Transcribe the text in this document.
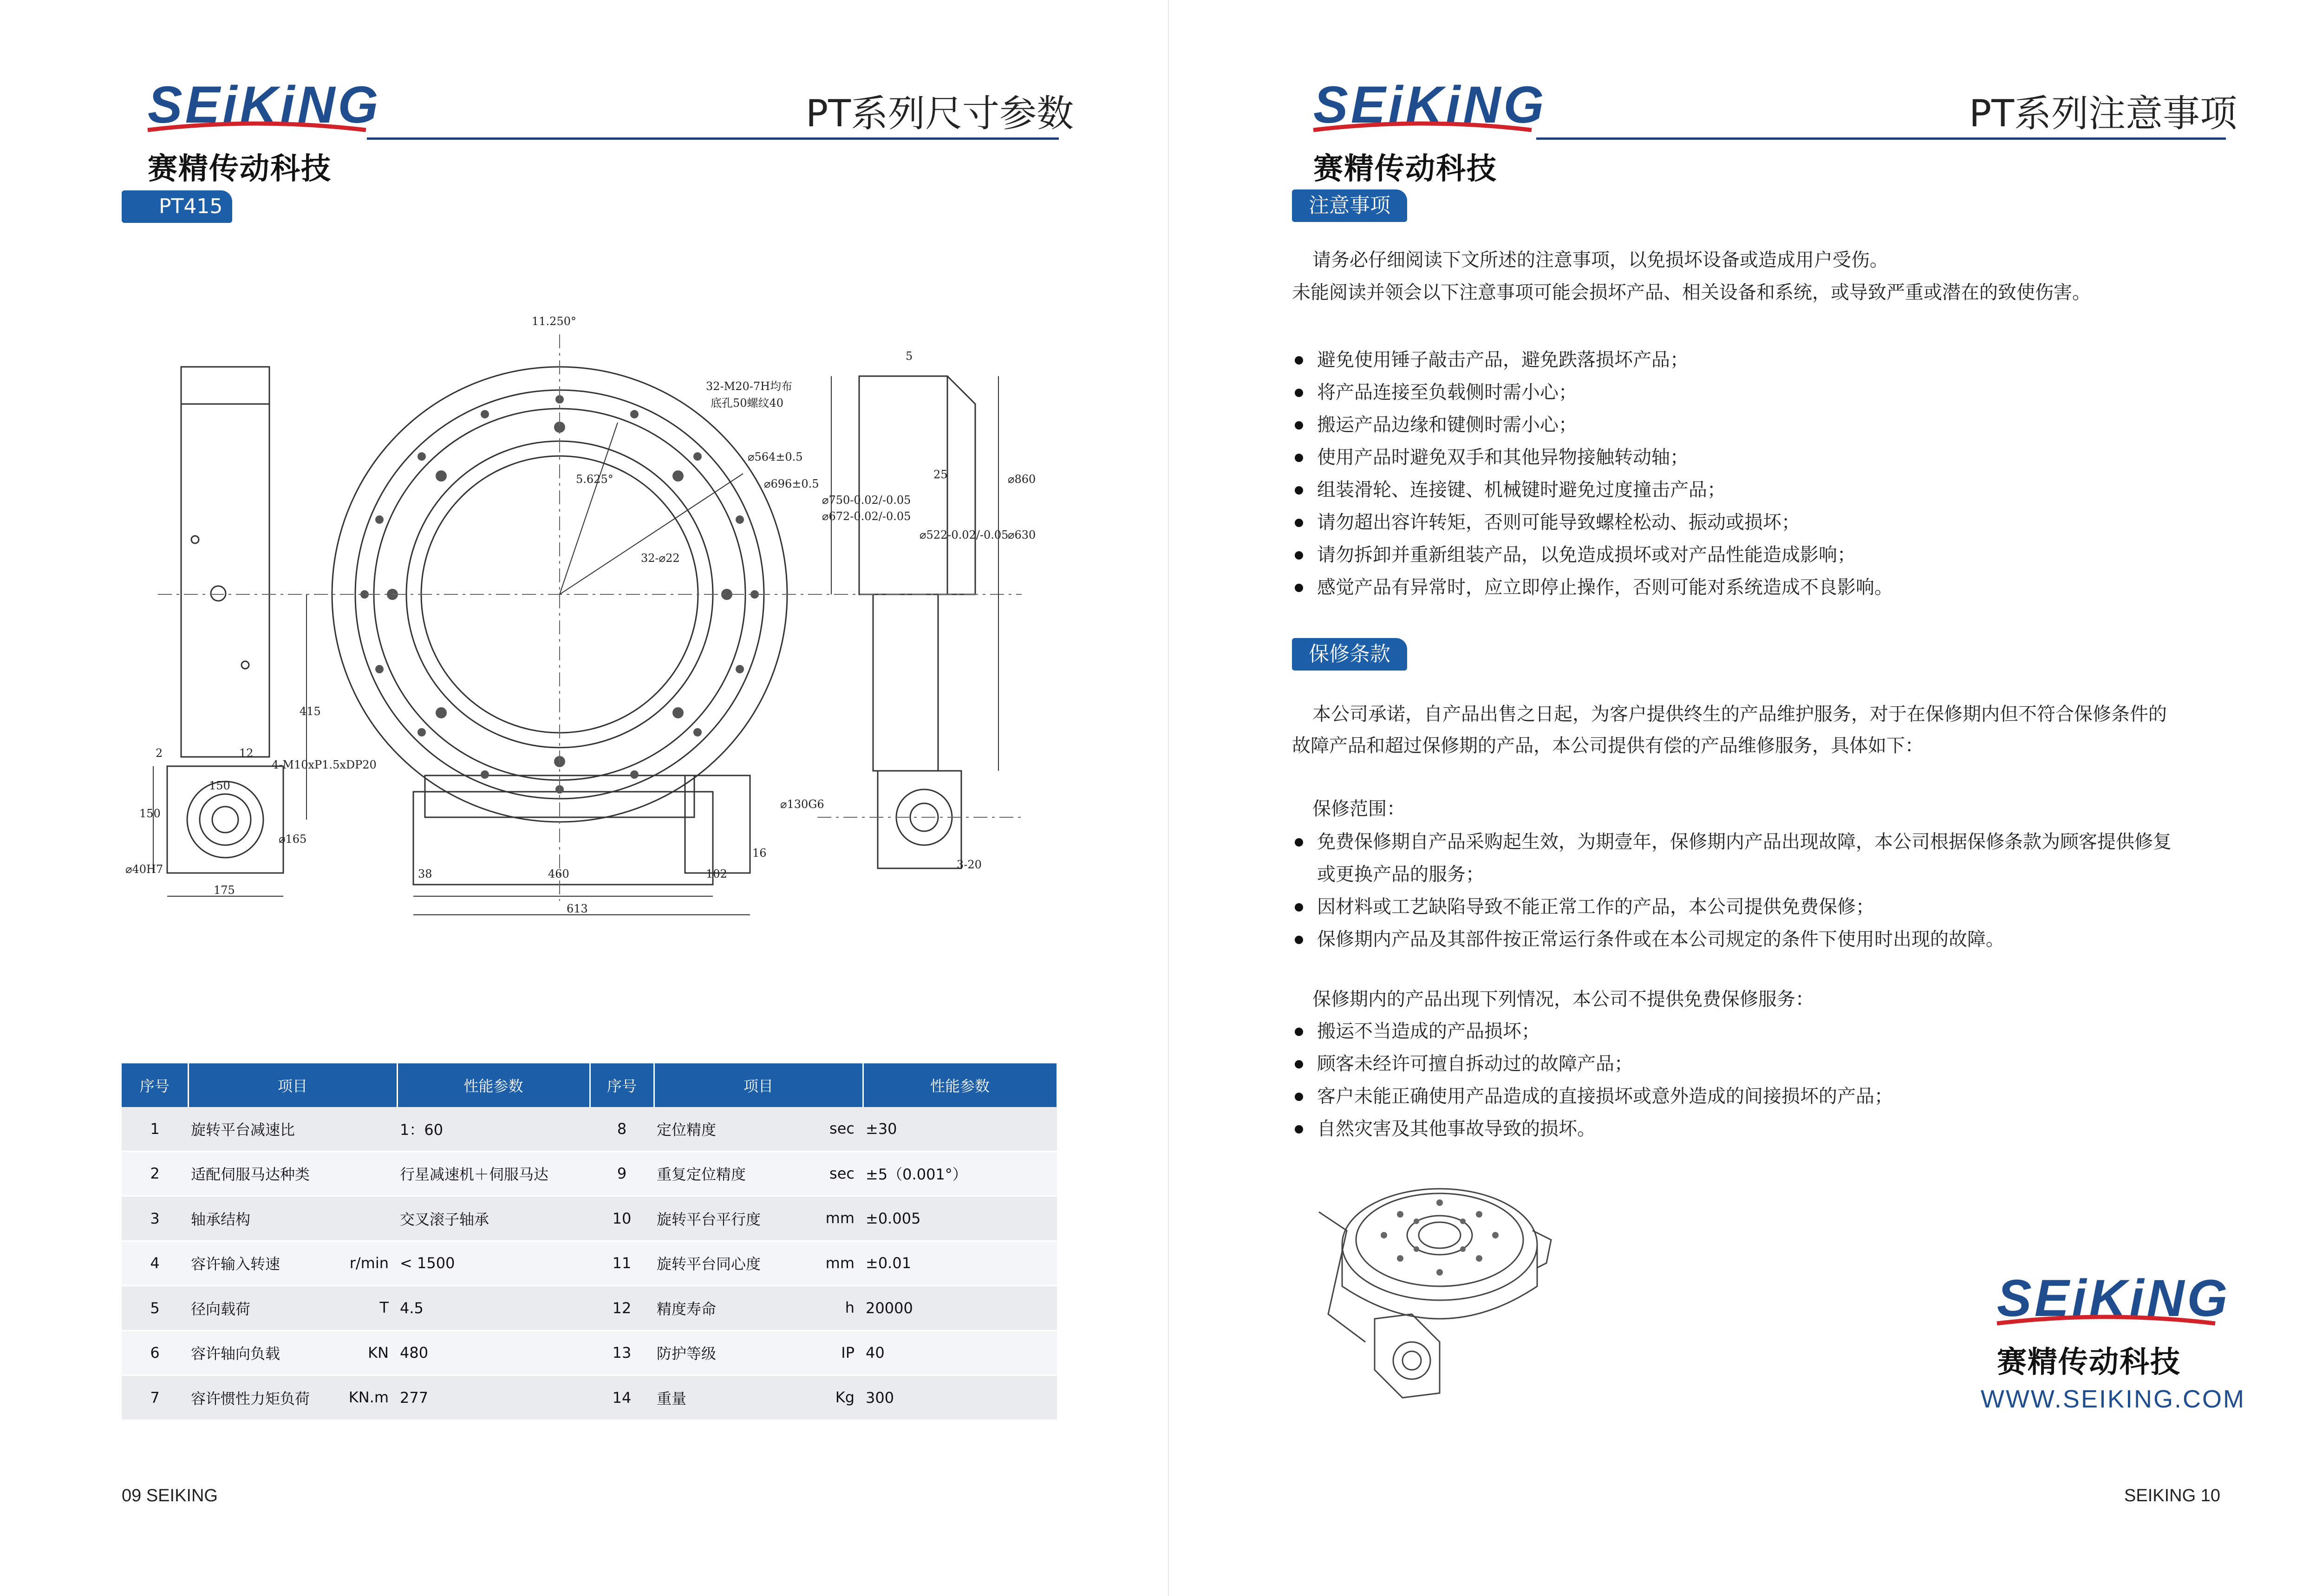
SEiKiNG
赛精传动科技
PT系列尺寸参数
PT415
11.250°
32-M20-7H均布
底孔50螺纹40
⌀564±0.5
⌀696±0.5
5.625°
32-⌀22
415
12
2
4-M10xP1.5xDP20
150
150
⌀165
⌀40H7
175
38	460
613
102
16
⌀130G6
5
25
⌀750-0.02/-0.05
⌀672-0.02/-0.05
⌀522-0.02/-0.05
⌀630
⌀860
3-20
序号	项目	性能参数	序号	项目	性能参数
1	旋转平台减速比	1：60	8	定位精度 sec	±30
2	适配伺服马达种类	行星减速机＋伺服马达	9	重复定位精度 sec	±5（0.001°）
3	轴承结构	交叉滚子轴承	10	旋转平台平行度 mm	±0.005
4	容许输入转速 r/min	< 1500	11	旋转平台同心度 mm	±0.01
5	径向载荷 T	4.5	12	精度寿命 h	20000
6	容许轴向负载 KN	480	13	防护等级 IP	40
7	容许惯性力矩负荷 KN.m	277	14	重量 Kg	300
09 SEIKING
SEiKiNG
赛精传动科技
PT系列注意事项
注意事项
请务必仔细阅读下文所述的注意事项，以免损坏设备或造成用户受伤。
未能阅读并领会以下注意事项可能会损坏产品、相关设备和系统，或导致严重或潜在的致使伤害。
避免使用锤子敲击产品，避免跌落损坏产品；
将产品连接至负载侧时需小心；
搬运产品边缘和键侧时需小心；
使用产品时避免双手和其他异物接触转动轴；
组装滑轮、连接键、机械键时避免过度撞击产品；
请勿超出容许转矩，否则可能导致螺栓松动、振动或损坏；
请勿拆卸并重新组装产品，以免造成损坏或对产品性能造成影响；
感觉产品有异常时，应立即停止操作，否则可能对系统造成不良影响。
保修条款
本公司承诺，自产品出售之日起，为客户提供终生的产品维护服务，对于在保修期内但不符合保修条件的
故障产品和超过保修期的产品，本公司提供有偿的产品维修服务，具体如下：
保修范围：
免费保修期自产品采购起生效，为期壹年，保修期内产品出现故障，本公司根据保修条款为顾客提供修复
或更换产品的服务；
因材料或工艺缺陷导致不能正常工作的产品，本公司提供免费保修；
保修期内产品及其部件按正常运行条件或在本公司规定的条件下使用时出现的故障。
保修期内的产品出现下列情况，本公司不提供免费保修服务：
搬运不当造成的产品损坏；
顾客未经许可擅自拆动过的故障产品；
客户未能正确使用产品造成的直接损坏或意外造成的间接损坏的产品；
自然灾害及其他事故导致的损坏。
SEiKiNG
赛精传动科技
WWW.SEIKING.COM
SEIKING 10
